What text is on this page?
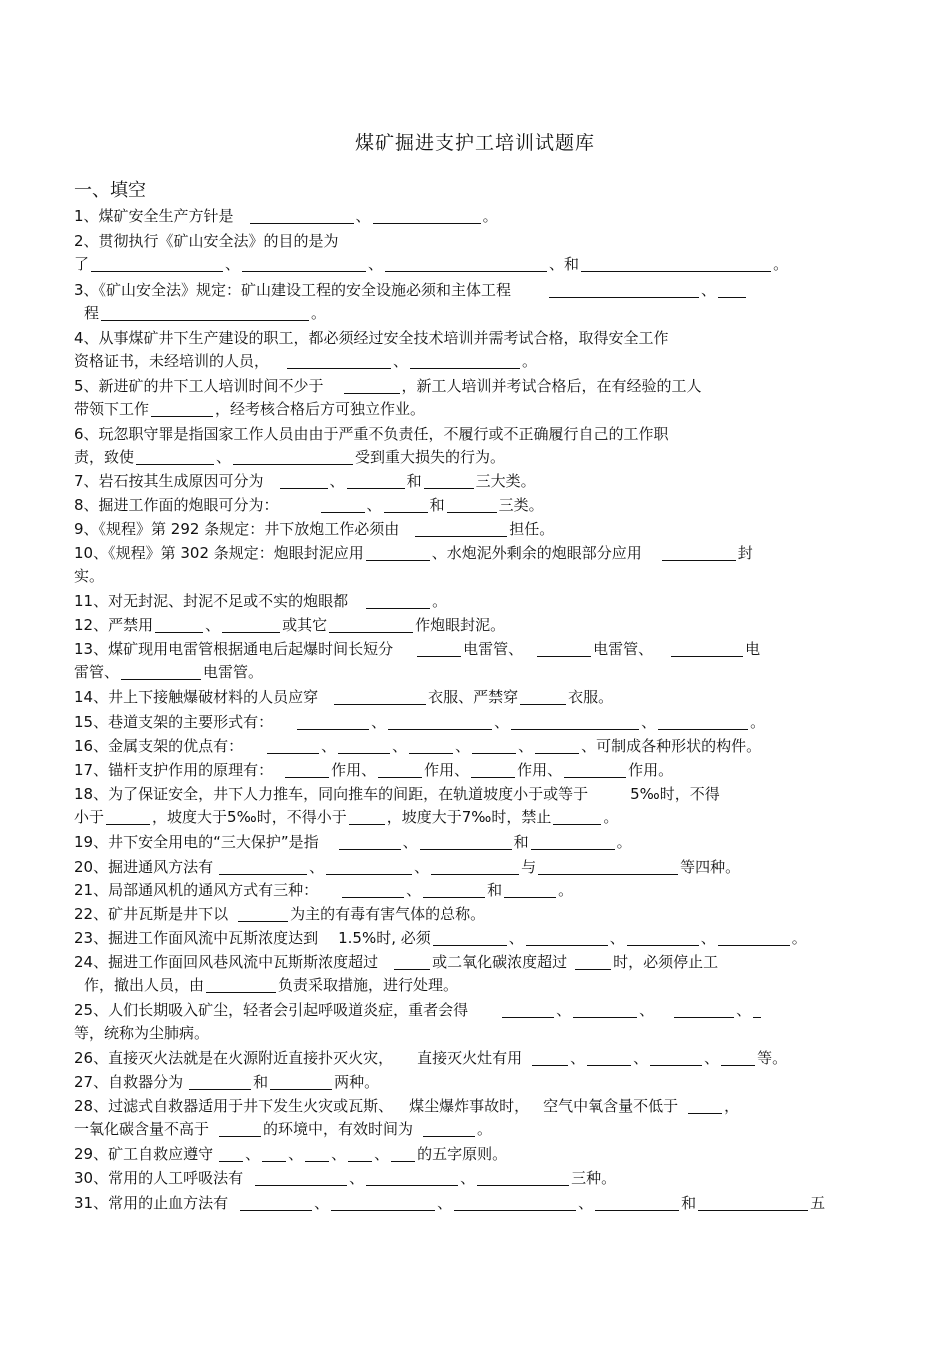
煤矿掘进支护工培训试题库
一、填空
1、煤矿安全生产方针是	、	。
2、贯彻执行《矿山安全法》的目的是为
了	、	、	、和	。
3、《矿山安全法》规定：矿山建设工程的安全设施必须和主体工程	、
程	。
4、从事煤矿井下生产建设的职工，都必须经过安全技术培训并需考试合格，取得安全工作
资格证书，未经培训的人员，	、	。
5、新进矿的井下工人培训时间不少于	，新工人培训并考试合格后，在有经验的工人
带领下工作	，经考核合格后方可独立作业。
6、玩忽职守罪是指国家工作人员由由于严重不负责任，不履行或不正确履行自己的工作职
责，致使	、	受到重大损失的行为。
7、岩石按其生成原因可分为	、	和	三大类。
8、掘进工作面的炮眼可分为：	、	和	三类。
9、《规程》第 292 条规定：井下放炮工作必须由	担任。
10、《规程》第 302 条规定：炮眼封泥应用	、水炮泥外剩余的炮眼部分应用	封
实。
11、对无封泥、封泥不足或不实的炮眼都	。
12、严禁用	、	或其它	作炮眼封泥。
13、煤矿现用电雷管根据通电后起爆时间长短分	电雷管、	电雷管、	电
雷管、	电雷管。
14、井上下接触爆破材料的人员应穿	衣服、严禁穿	衣服。
15、巷道支架的主要形式有：	、	、	、	。
16、金属支架的优点有：	、	、	、	、	、可制成各种形状的构件。
17、锚杆支护作用的原理有：	作用、	作用、	作用、	作用。
18、为了保证安全，井下人力推车，同向推车的间距，在轨道坡度小于或等于	5‰时，不得
小于	，坡度大于5‰时，不得小于	，坡度大于7‰时，禁止	。
19、井下安全用电的“三大保护”是指	、	和	。
20、掘进通风方法有	、	、	与	等四种。
21、局部通风机的通风方式有三种：	、	和	。
22、矿井瓦斯是井下以	为主的有毒有害气体的总称。
23、掘进工作面风流中瓦斯浓度达到 1.5%时, 必须	、	、	、	。
24、掘进工作面回风巷风流中瓦斯斯浓度超过	或二氧化碳浓度超过	时，必须停止工
作，撤出人员，由	负责采取措施，进行处理。
25、人们长期吸入矿尘，轻者会引起呼吸道炎症，重者会得	、	、	、
等，统称为尘肺病。
26、直接灭火法就是在火源附近直接扑灭火灾， 直接灭火灶有用	、	、	、	等。
27、自救器分为	和	两种。
28、过滤式自救器适用于井下发生火灾或瓦斯、 煤尘爆炸事故时， 空气中氧含量不低于	，
一氧化碳含量不高于	的环境中，有效时间为	。
29、矿工自救应遵守 、 、 、 、 的五字原则。
30、常用的人工呼吸法有	、	、	三种。
31、常用的止血方法有	、	、	、	和	五
